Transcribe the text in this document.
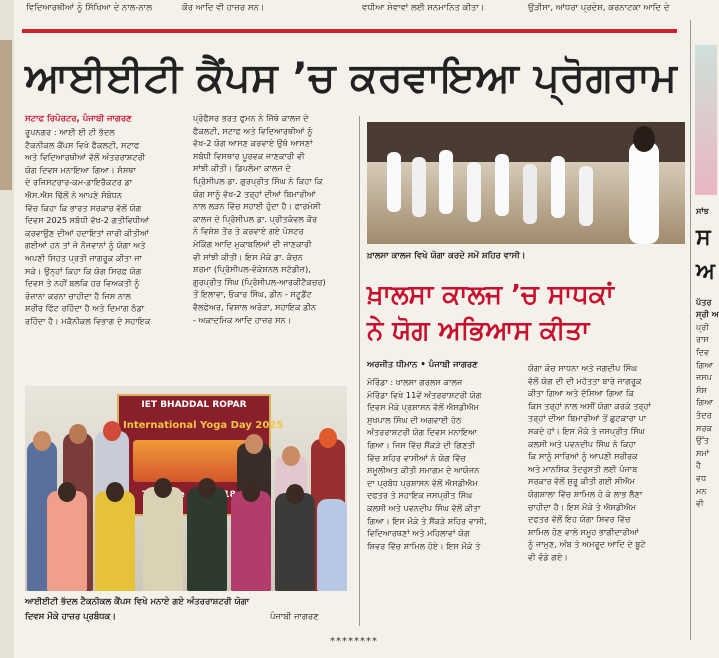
ਵਿਦਿਆਰਥੀਆਂ ਨੂੰ ਸਿੱਖਿਆ ਦੇ ਨਾਲ-ਨਾਲ	ਕੌਰ ਆਦਿ ਵੀ ਹਾਜ਼ਰ ਸਨ।	ਵਧੀਆ ਸੇਵਾਵਾਂ ਲਈ ਸਨਮਾਨਿਤ ਕੀਤਾ।	ਉੜੀਸਾ, ਆਂਧਰਾ ਪ੍ਰਦੇਸ਼, ਕਰਨਾਟਕਾ ਆਦਿ ਦੇ
ਆਈਈਟੀ ਕੈਂਪਸ ’ਚ ਕਰਵਾਇਆ ਪ੍ਰੋਗਰਾਮ
ਸਟਾਫ ਰਿਪੋਰਟਰ, ਪੰਜਾਬੀ ਜਾਗਰਣ

ਰੂਪਨਗਰ : ਆਈ ਈ ਟੀ ਭੱਦਲ

ਟੈਕਨੀਕਲ ਕੈਂਪਸ ਵਿਖੇ ਫੈਕਲਟੀ, ਸਟਾਫ

ਅਤੇ ਵਿਦਿਆਰਥੀਆਂ ਵੱਲੋਂ ਅੰਤਰਰਾਸ਼ਟਰੀ

ਯੋਗ ਦਿਵਸ ਮਨਾਇਆ ਗਿਆ। ਸੰਸਥਾ

ਦੇ ਰਜਿਸਟਰਾਰ-ਕਮ-ਡਾਇਰੈਕਟਰ ਡਾ

ਐਸ.ਐਸ ਢਿੱਲੋਂ ਨੇ ਆਪਣੇ ਸੰਬੋਧਨ

ਵਿੱਚ ਕਿਹਾ ਕਿ ਭਾਰਤ ਸਰਕਾਰ ਵੱਲੋਂ ਯੋਗ

ਦਿਵਸ 2025 ਸਬੰਧੀ ਵੱਖ-2 ਗਤੀਵਿਧੀਆਂ

ਕਰਵਾਉਣ ਦੀਆਂ ਹਦਾਇਤਾਂ ਜਾਰੀ ਕੀਤੀਆਂ

ਗਈਆਂ ਹਨ ਤਾਂ ਜੋ ਨੌਜਵਾਨਾਂ ਨੂੰ ਯੋਗਾ ਅਤੇ

ਅਪਣੀ ਸਿਹਤ ਪ੍ਰਤੀ ਜਾਗਰੂਕ ਕੀਤਾ ਜਾ

ਸਕੇ। ਉਨ੍ਹਾਂ ਕਿਹਾ ਕਿ ਯੋਗ ਸਿਰਫ਼ ਯੋਗ

ਦਿਵਸ ਤੇ ਨਹੀਂ ਬਲਕਿ ਹਰ ਵਿਅਕਤੀ ਨੂੰ

ਰੋਜ਼ਾਨਾ ਕਰਨਾ ਚਾਹੀਦਾ ਹੈ ਜਿਸ ਨਾਲ

ਸ਼ਰੀਰ ਫਿੱਟ ਰਹਿੰਦਾ ਹੈ ਅਤੇ ਦਿਮਾਗ ਠੰਡਾ

ਰਹਿੰਦਾ ਹੈ। ਮਕੈਨੀਕਲ ਵਿਭਾਗ ਦੇ ਸਹਾਇਕ

ਪ੍ਰੋਫੈਸਰ ਭਰਤ ਫੁਮਨ ਨੇ ਜਿੱਥੇ ਕਾਲਜ ਦੇ

ਫੈਕਲਟੀ, ਸਟਾਫ ਅਤੇ ਵਿਦਿਆਰਥੀਆਂ ਨੂੰ

ਵੱਖ-2 ਯੋਗ ਆਸਣ ਕਰਵਾਏ ਉਥੇ ਆਸਣਾਂ

ਸਬੰਧੀ ਵਿਸਥਾਰ ਪੂਰਵਕ ਜਾਣਕਾਰੀ ਵੀ

ਸਾਂਝੀ ਕੀਤੀ। ਡਿਪਲੋਮਾ ਕਾਲਜ ਦੇ

ਪ੍ਰਿੰਸੀਪਲ ਡਾ. ਗੁਰਪ੍ਰੀਤ ਸਿੰਘ ਨੇ ਕਿਹਾ ਕਿ

ਯੋਗ ਸਾਨੂੰ ਵੱਖ-2 ਤਰ੍ਹਾਂ ਦੀਆਂ ਬਿਮਾਰੀਆਂ

ਨਾਲ ਲੜਨ ਵਿੱਚ ਸਹਾਈ ਹੁੰਦਾ ਹੈ। ਫਾਰਮੇਸੀ

ਕਾਲਜ ਦੇ ਪ੍ਰਿੰਸੀਪਲ ਡਾ. ਪ੍ਰੀਤਕੰਵਲ ਕੌਰ

ਨੇ ਵਿਸ਼ੇਸ਼ ਤੌਰ ਤੇ ਕਰਵਾਏ ਗਏ ਪੋਸਟਰ

ਮੇਕਿੰਗ ਆਦਿ ਮੁਕਾਬਲਿਆਂ ਦੀ ਜਾਣਕਾਰੀ

ਵੀ ਸਾਂਝੀ ਕੀਤੀ। ਇਸ ਮੌਕੇ ਡਾ. ਕੰਚਨ

ਸ਼ਰਮਾ (ਪ੍ਰਿੰਸੀਪਲ-ਵੋਕੇਸ਼ਨਲ ਸਟੱਡੀਜ਼),

ਗੁਰਪ੍ਰੀਤ ਸਿੰਘ (ਪ੍ਰਿੰਸੀਪਲ-ਆਰਕੀਟੈਕਚਰ)

ਤੋਂ ਇਲਾਵਾ, ਓਕਾਰ ਸਿੰਘ, ਡੀਨ - ਸਟੂਡੈਂਟ

ਵੈਲਫੇਅਰ, ਵਿਸ਼ਾਲ ਅਰੋੜਾ, ਸਹਾਇਕ ਡੀਨ

- ਅਕਾਦਮਿਕ ਆਦਿ ਹਾਜ਼ਰ ਸਨ।

IET BHADDAL ROPAR
International Yoga Day 2025
ਆਈਈਟੀ ਭੱਦਲ ਟੈਕਨੀਕਲ ਕੈਂਪਸ ਵਿਖੇ ਮਨਾਏ ਗਏ ਅੰਤਰਰਾਸ਼ਟਰੀ ਯੋਗਾ
ਦਿਵਸ ਮੌਕੇ ਹਾਜ਼ਰ ਪ੍ਰਬੰਧਕ।	ਪੰਜਾਬੀ ਜਾਗਰਣ
ਖ਼ਾਲਸਾ ਕਾਲਜ ਵਿਖੇ ਯੋਗਾ ਕਰਦੇ ਸਮੇਂ ਸ਼ਹਿਰ ਵਾਸੀ।
ਖ਼ਾਲਸਾ ਕਾਲਜ ’ਚ ਸਾਧਕਾਂ
ਨੇ ਯੋਗ ਅਭਿਆਸ ਕੀਤਾ
ਅਰਜੀਤ ਧੀਮਾਨ • ਪੰਜਾਬੀ ਜਾਗਰਣ

ਮੋਰਿੰਡਾ : ਖਾਲਸਾ ਗਰਲਸ ਕਾਲਜ

ਮੋਰਿੰਡਾ ਵਿਖੇ 11ਵੇਂ ਅੰਤਰਰਾਸ਼ਟਰੀ ਯੋਗ

ਦਿਵਸ ਮੌਕੇ ਪ੍ਰਸ਼ਾਸਨ ਵੱਲੋਂ ਐਸਡੀਐਮ

ਸੁਖਪਾਲ ਸਿੰਘ ਦੀ ਅਗਵਾਈ ਹੇਠ

ਅੰਤਰਰਾਸ਼ਟਰੀ ਯੋਗ ਦਿਵਸ ਮਨਾਇਆ

ਗਿਆ। ਜਿਸ ਵਿੱਚ ਸੈਂਕੜੇ ਦੀ ਗਿਣਤੀ

ਵਿੱਚ ਸ਼ਹਿਰ ਵਾਸੀਆਂ ਨੇ ਯੋਗ ਵਿੱਚ

ਸ਼ਮੂਲੀਅਤ ਕੀਤੀ ਸਮਾਗਮ ਦੇ ਆਯੋਜਨ

ਦਾ ਪ੍ਰਬੰਧ ਪ੍ਰਸ਼ਾਸਨ ਵੱਲੋਂ ਐਸਡੀਐਮ

ਦਫਤਰ ਤੇ ਸਹਾਇਕ ਜਸਪ੍ਰੀਤ ਸਿੰਘ

ਕਲਸੀ ਅਤੇ ਪਵਨਦੀਪ ਸਿੰਘ ਵੱਲੋਂ ਕੀਤਾ

ਗਿਆ। ਇਸ ਮੌਕੇ ਤੇ ਸੈਂਕੜੇ ਸ਼ਹਿਰ ਵਾਸੀ,

ਵਿਦਿਆਰਥਣਾਂ ਅਤੇ ਮਹਿਲਾਵਾਂ ਯੋਗ

ਸ਼ਿਵਰ ਵਿੱਚ ਸ਼ਾਮਿਲ ਹੋਏ। ਇਸ ਮੌਕੇ ਤੇ

ਯੋਗਾ ਕੋਚ ਸਾਧਨਾ ਅਤੇ ਜਗਦੀਪ ਸਿੰਘ

ਵੱਲੋਂ ਯੋਗ ਦੀ ਦੀ ਮਹੱਤਤਾ ਬਾਰੇ ਜਾਗਰੂਕ

ਕੀਤਾ ਗਿਆ ਅਤੇ ਦੱਸਿਆ ਗਿਆ ਕਿ

ਕਿਸ ਤਰ੍ਹਾਂ ਨਾਲ ਅਸੀਂ ਯੋਗਾ ਕਰਕੇ ਤਰ੍ਹਾਂ

ਤਰ੍ਹਾਂ ਦੀਆ ਬਿਮਾਰੀਆਂ ਤੋਂ ਛੁਟਕਾਰਾ ਪਾ

ਸਕਦੇ ਹਾਂ। ਇਸ ਮੌਕੇ ਤੇ ਜਸਪ੍ਰੀਤ ਸਿੰਘ

ਕਲਸੀ ਅਤੇ ਪਵਨਦੀਪ ਸਿੰਘ ਨੇ ਕਿਹਾ

ਕਿ ਸਾਨੂੰ ਸਾਰਿਆਂ ਨੂੰ ਆਪਣੀ ਸਰੀਰਕ

ਅਤੇ ਮਾਨਸਿਕ ਤੰਦਰੁਸਤੀ ਲਈ ਪੰਜਾਬ

ਸਰਕਾਰ ਵੱਲੋਂ ਸ਼ੁਰੂ ਕੀਤੀ ਗਈ ਸੀਐਮ

ਯੋਗਸ਼ਾਲਾ ਵਿੱਚ ਸ਼ਾਮਿਲ ਹੋ ਕੇ ਲਾਭ ਲੈਣਾ

ਚਾਹੀਦਾ ਹੈ। ਇਸ ਮੌਕੇ ਤੇ ਐਸਡੀਐਮ

ਦਫਤਰ ਵੱਲੋਂ ਇਹ ਯੋਗਾ ਸ਼ਿਵਰ ਵਿੱਚ

ਸ਼ਾਮਿਲ ਹੋਣ ਵਾਲੇ ਸਮੂਹ ਭਾਗੀਦਾਰੀਆਂ

ਨੂੰ ਜਾਮੁਣ, ਅੰਬ ਤੇ ਅਮਰੂਦ ਆਦਿ ਦੇ ਬੂਟੇ

ਵੀ ਵੰਡੇ ਗਏ।

ਸਾਂਝ

ਸ

ਅ

ਪੱਤਰ

ਸ੍ਰੀ ਅ

ਪ੍ਰੀ

ਰਾਸ

ਦਿਵ

ਗਿਆ

ਜਸਪ

ਸੰਸ

ਗਿਆ

ਤੰਦਰ

ਸਰਕ

ਉੱਤ

ਸਮਾਂ

ਹੈ

ਵਧ

ਮਨ

ਵੀ

********
